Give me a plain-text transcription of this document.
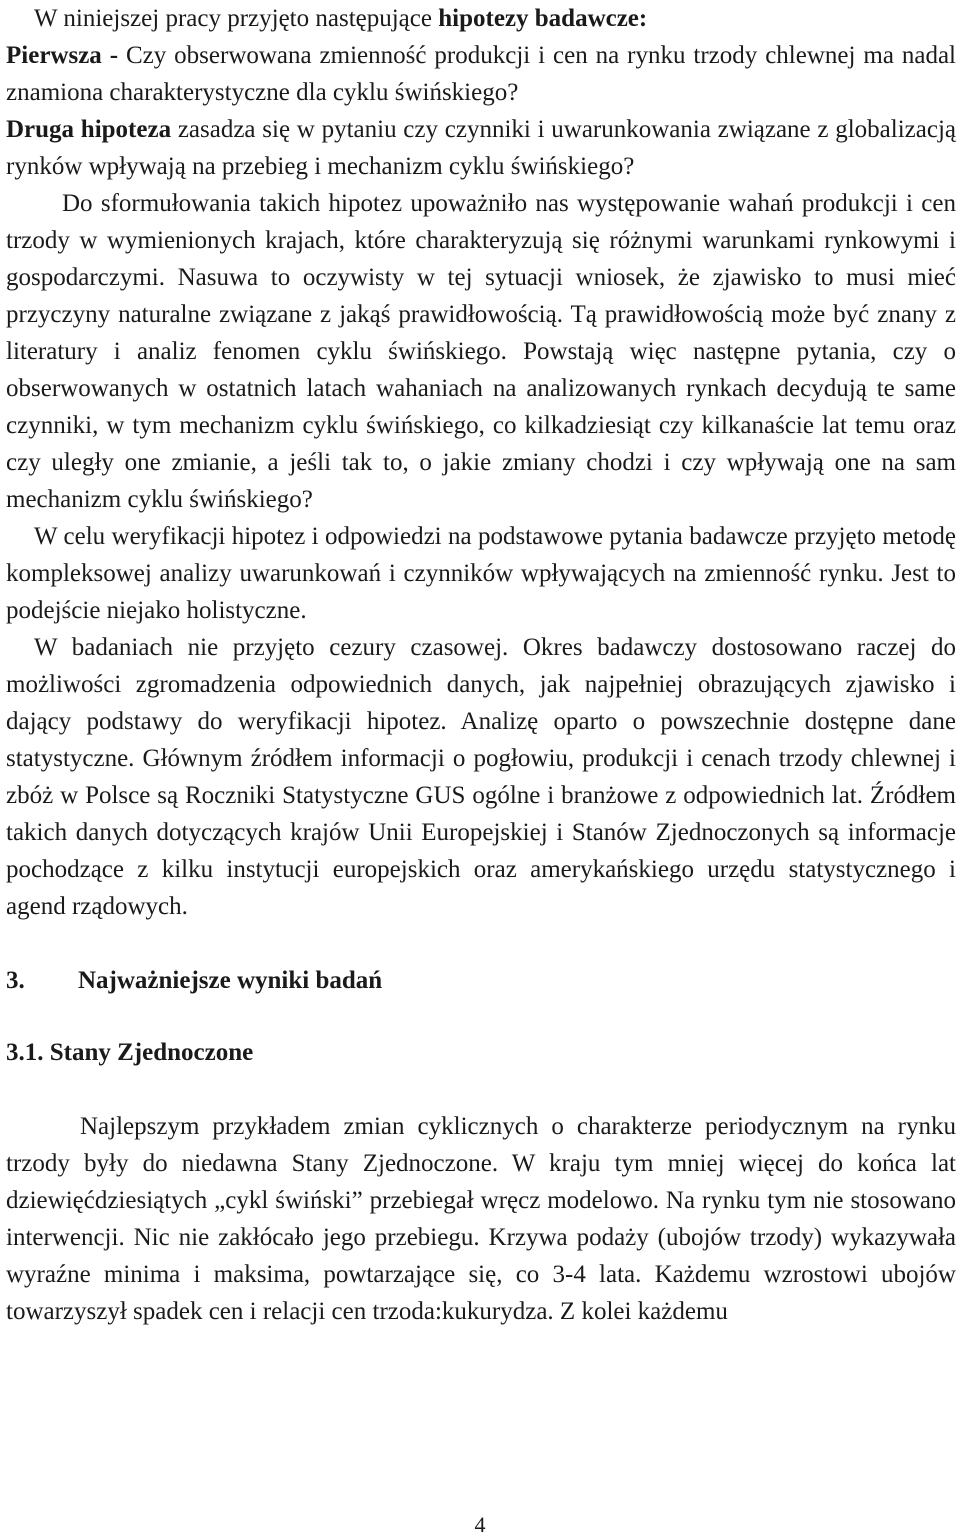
W niniejszej pracy przyjęto następujące hipotezy badawcze:

Pierwsza - Czy obserwowana zmienność produkcji i cen na rynku trzody chlewnej ma nadal znamiona charakterystyczne dla cyklu świńskiego?

Druga hipoteza zasadza się w pytaniu czy czynniki i uwarunkowania związane z globalizacją rynków wpływają na przebieg i mechanizm cyklu świńskiego?

Do sformułowania takich hipotez upoważniło nas występowanie wahań produkcji i cen trzody w wymienionych krajach, które charakteryzują się różnymi warunkami rynkowymi i gospodarczymi. Nasuwa to oczywisty w tej sytuacji wniosek, że zjawisko to musi mieć przyczyny naturalne związane z jakąś prawidłowością. Tą prawidłowością może być znany z literatury i analiz fenomen cyklu świńskiego. Powstają więc następne pytania, czy o obserwowanych w ostatnich latach wahaniach na analizowanych rynkach decydują te same czynniki, w tym mechanizm cyklu świńskiego, co kilkadziesiąt czy kilkanaście lat temu oraz czy uległy one zmianie, a jeśli tak to, o jakie zmiany chodzi i czy wpływają one na sam mechanizm cyklu świńskiego?

W celu weryfikacji hipotez i odpowiedzi na podstawowe pytania badawcze przyjęto metodę kompleksowej analizy uwarunkowań i czynników wpływających na zmienność rynku. Jest to podejście niejako holistyczne.

W badaniach nie przyjęto cezury czasowej. Okres badawczy dostosowano raczej do możliwości zgromadzenia odpowiednich danych, jak najpełniej obrazujących zjawisko i dający podstawy do weryfikacji hipotez. Analizę oparto o powszechnie dostępne dane statystyczne. Głównym źródłem informacji o pogłowiu, produkcji i cenach trzody chlewnej i zbóż w Polsce są Roczniki Statystyczne GUS ogólne i branżowe z odpowiednich lat. Źródłem takich danych dotyczących krajów Unii Europejskiej i Stanów Zjednoczonych są informacje pochodzące z kilku instytucji europejskich oraz amerykańskiego urzędu statystycznego i agend rządowych.

3. Najważniejsze wyniki badań
3.1. Stany Zjednoczone

Najlepszym przykładem zmian cyklicznych o charakterze periodycznym na rynku trzody były do niedawna Stany Zjednoczone. W kraju tym mniej więcej do końca lat dziewięćdziesiątych „cykl świński” przebiegał wręcz modelowo. Na rynku tym nie stosowano interwencji. Nic nie zakłócało jego przebiegu. Krzywa podaży (ubojów trzody) wykazywała wyraźne minima i maksima, powtarzające się, co 3-4 lata. Każdemu wzrostowi ubojów towarzyszył spadek cen i relacji cen trzoda:kukurydza. Z kolei każdemu

4
